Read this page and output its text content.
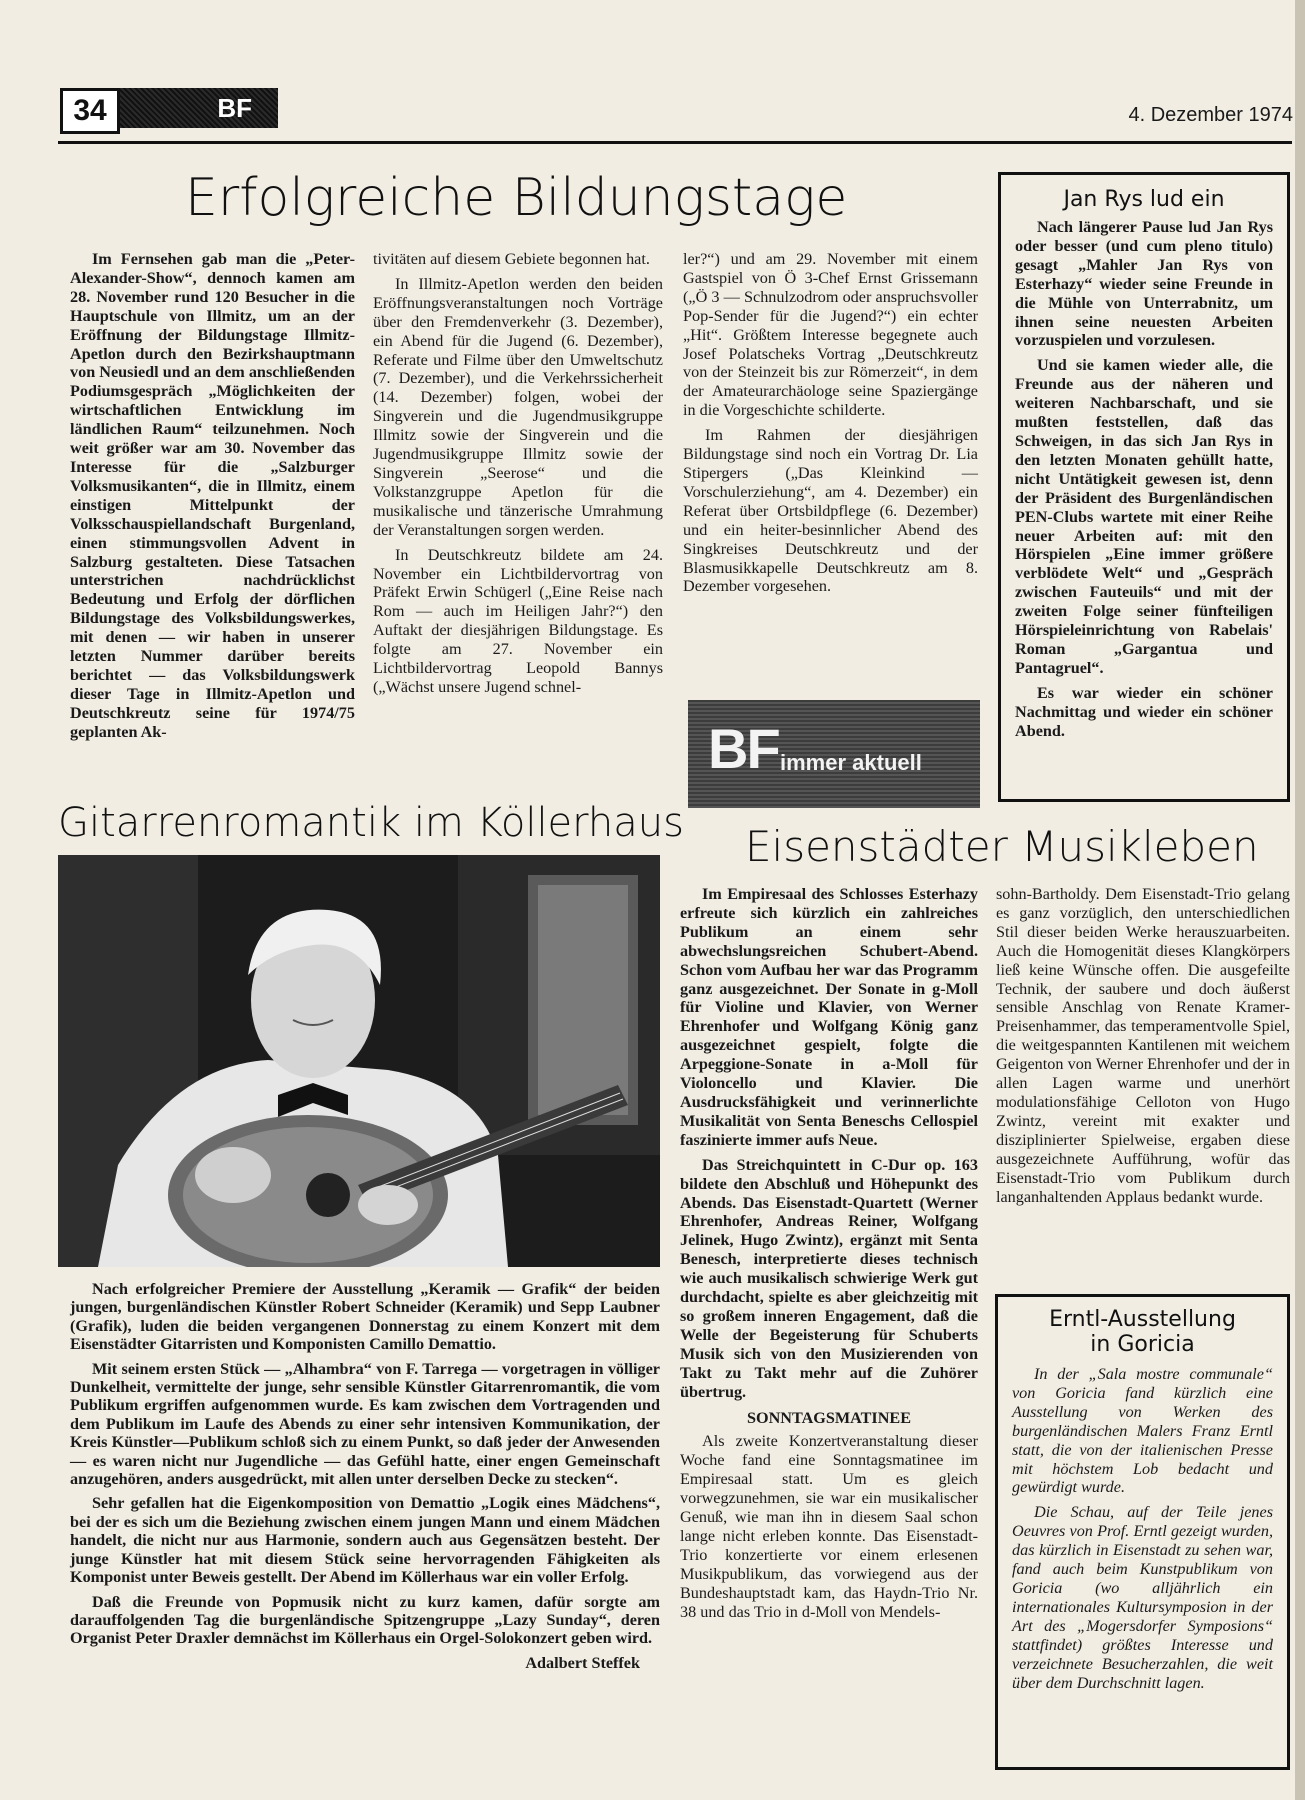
34	BF	4. Dezember 1974
Erfolgreiche Bildungstage

Im Fernsehen gab man die „Peter-Alexander-Show“, dennoch kamen am 28. November rund 120 Besucher in die Hauptschule von Illmitz, um an der Eröffnung der Bildungstage Illmitz-Apetlon durch den Bezirkshauptmann von Neusiedl und an dem anschließenden Podiumsgespräch „Möglichkeiten der wirtschaftlichen Entwicklung im ländlichen Raum“ teilzunehmen. Noch weit größer war am 30. November das Interesse für die „Salzburger Volksmusikanten“, die in Illmitz, einem einstigen Mittelpunkt der Volksschauspiellandschaft Burgenland, einen stimmungsvollen Advent in Salzburg gestalteten. Diese Tatsachen unterstrichen nachdrücklichst Bedeutung und Erfolg der dörflichen Bildungstage des Volksbildungswerkes, mit denen — wir haben in unserer letzten Nummer darüber bereits berichtet — das Volksbildungswerk dieser Tage in Illmitz-Apetlon und Deutschkreutz seine für 1974/75 geplanten Ak-

tivitäten auf diesem Gebiete begonnen hat.

In Illmitz-Apetlon werden den beiden Eröffnungsveranstaltungen noch Vorträge über den Fremdenverkehr (3. Dezember), ein Abend für die Jugend (6. Dezember), Referate und Filme über den Umweltschutz (7. Dezember), und die Verkehrssicherheit (14. Dezember) folgen, wobei der Singverein und die Jugendmusikgruppe Illmitz sowie der Singverein und die Jugendmusikgruppe Illmitz sowie der Singverein „Seerose“ und die Volkstanzgruppe Apetlon für die musikalische und tänzerische Umrahmung der Veranstaltungen sorgen werden.

In Deutschkreutz bildete am 24. November ein Lichtbildervortrag von Präfekt Erwin Schügerl („Eine Reise nach Rom — auch im Heiligen Jahr?“) den Auftakt der diesjährigen Bildungstage. Es folgte am 27. November ein Lichtbildervortrag Leopold Bannys („Wächst unsere Jugend schnel-

ler?“) und am 29. November mit einem Gastspiel von Ö 3-Chef Ernst Grissemann („Ö 3 — Schnulzodrom oder anspruchsvoller Pop-Sender für die Jugend?“) ein echter „Hit“. Größtem Interesse begegnete auch Josef Polatscheks Vortrag „Deutschkreutz von der Steinzeit bis zur Römerzeit“, in dem der Amateurarchäologe seine Spaziergänge in die Vorgeschichte schilderte.

Im Rahmen der diesjährigen Bildungstage sind noch ein Vortrag Dr. Lia Stipergers („Das Kleinkind — Vorschulerziehung“, am 4. Dezember) ein Referat über Ortsbildpflege (6. Dezember) und ein heiter-besinnlicher Abend des Singkreises Deutschkreutz und der Blasmusikkapelle Deutschkreutz am 8. Dezember vorgesehen.

Jan Rys lud ein

Nach längerer Pause lud Jan Rys oder besser (und cum pleno titulo) gesagt „Mahler Jan Rys von Esterhazy“ wieder seine Freunde in die Mühle von Unterrabnitz, um ihnen seine neuesten Arbeiten vorzuspielen und vorzulesen.

Und sie kamen wieder alle, die Freunde aus der näheren und weiteren Nachbarschaft, und sie mußten feststellen, daß das Schweigen, in das sich Jan Rys in den letzten Monaten gehüllt hatte, nicht Untätigkeit gewesen ist, denn der Präsident des Burgenländischen PEN-Clubs wartete mit einer Reihe neuer Arbeiten auf: mit den Hörspielen „Eine immer größere verblödete Welt“ und „Gespräch zwischen Fauteuils“ und mit der zweiten Folge seiner fünfteiligen Hörspieleinrichtung von Rabelais' Roman „Gargantua und Pantagruel“.

Es war wieder ein schöner Nachmittag und wieder ein schöner Abend.

BF immer aktuell
Gitarrenromantik im Köllerhaus

Nach erfolgreicher Premiere der Ausstellung „Keramik — Grafik“ der beiden jungen, burgenländischen Künstler Robert Schneider (Keramik) und Sepp Laubner (Grafik), luden die beiden vergangenen Donnerstag zu einem Konzert mit dem Eisenstädter Gitarristen und Komponisten Camillo Demattio.

Mit seinem ersten Stück — „Alhambra“ von F. Tarrega — vorgetragen in völliger Dunkelheit, vermittelte der junge, sehr sensible Künstler Gitarrenromantik, die vom Publikum ergriffen aufgenommen wurde. Es kam zwischen dem Vortragenden und dem Publikum im Laufe des Abends zu einer sehr intensiven Kommunikation, der Kreis Künstler—Publikum schloß sich zu einem Punkt, so daß jeder der Anwesenden — es waren nicht nur Jugendliche — das Gefühl hatte, einer engen Gemeinschaft anzugehören, anders ausgedrückt, mit allen unter derselben Decke zu stecken“.

Sehr gefallen hat die Eigenkomposition von Demattio „Logik eines Mädchens“, bei der es sich um die Beziehung zwischen einem jungen Mann und einem Mädchen handelt, die nicht nur aus Harmonie, sondern auch aus Gegensätzen besteht. Der junge Künstler hat mit diesem Stück seine hervorragenden Fähigkeiten als Komponist unter Beweis gestellt. Der Abend im Köllerhaus war ein voller Erfolg.

Daß die Freunde von Popmusik nicht zu kurz kamen, dafür sorgte am darauffolgenden Tag die burgenländische Spitzengruppe „Lazy Sunday“, deren Organist Peter Draxler demnächst im Köllerhaus ein Orgel-Solokonzert geben wird.

Adalbert Steffek
Eisenstädter Musikleben

Im Empiresaal des Schlosses Esterhazy erfreute sich kürzlich ein zahlreiches Publikum an einem sehr abwechslungsreichen Schubert-Abend. Schon vom Aufbau her war das Programm ganz ausgezeichnet. Der Sonate in g-Moll für Violine und Klavier, von Werner Ehrenhofer und Wolfgang König ganz ausgezeichnet gespielt, folgte die Arpeggione-Sonate in a-Moll für Violoncello und Klavier. Die Ausdrucksfähigkeit und verinnerlichte Musikalität von Senta Beneschs Cellospiel faszinierte immer aufs Neue.

Das Streichquintett in C-Dur op. 163 bildete den Abschluß und Höhepunkt des Abends. Das Eisenstadt-Quartett (Werner Ehrenhofer, Andreas Reiner, Wolfgang Jelinek, Hugo Zwintz), ergänzt mit Senta Benesch, interpretierte dieses technisch wie auch musikalisch schwierige Werk gut durchdacht, spielte es aber gleichzeitig mit so großem inneren Engagement, daß die Welle der Begeisterung für Schuberts Musik sich von den Musizierenden von Takt zu Takt mehr auf die Zuhörer übertrug.

SONNTAGSMATINEE

Als zweite Konzertveranstaltung dieser Woche fand eine Sonntagsmatinee im Empiresaal statt. Um es gleich vorwegzunehmen, sie war ein musikalischer Genuß, wie man ihn in diesem Saal schon lange nicht erleben konnte. Das Eisenstadt-Trio konzertierte vor einem erlesenen Musikpublikum, das vorwiegend aus der Bundeshauptstadt kam, das Haydn-Trio Nr. 38 und das Trio in d-Moll von Mendels-

sohn-Bartholdy. Dem Eisenstadt-Trio gelang es ganz vorzüglich, den unterschiedlichen Stil dieser beiden Werke herauszuarbeiten. Auch die Homogenität dieses Klangkörpers ließ keine Wünsche offen. Die ausgefeilte Technik, der saubere und doch äußerst sensible Anschlag von Renate Kramer-Preisenhammer, das temperamentvolle Spiel, die weitgespannten Kantilenen mit weichem Geigenton von Werner Ehrenhofer und der in allen Lagen warme und unerhört modulationsfähige Celloton von Hugo Zwintz, vereint mit exakter und disziplinierter Spielweise, ergaben diese ausgezeichnete Aufführung, wofür das Eisenstadt-Trio vom Publikum durch langanhaltenden Applaus bedankt wurde.

Erntl-Ausstellung
in Goricia

In der „Sala mostre communale“ von Goricia fand kürzlich eine Ausstellung von Werken des burgenländischen Malers Franz Erntl statt, die von der italienischen Presse mit höchstem Lob bedacht und gewürdigt wurde.

Die Schau, auf der Teile jenes Oeuvres von Prof. Erntl gezeigt wurden, das kürzlich in Eisenstadt zu sehen war, fand auch beim Kunstpublikum von Goricia (wo alljährlich ein internationales Kultursymposion in der Art des „Mogersdorfer Symposions“ stattfindet) größtes Interesse und verzeichnete Besucherzahlen, die weit über dem Durchschnitt lagen.
